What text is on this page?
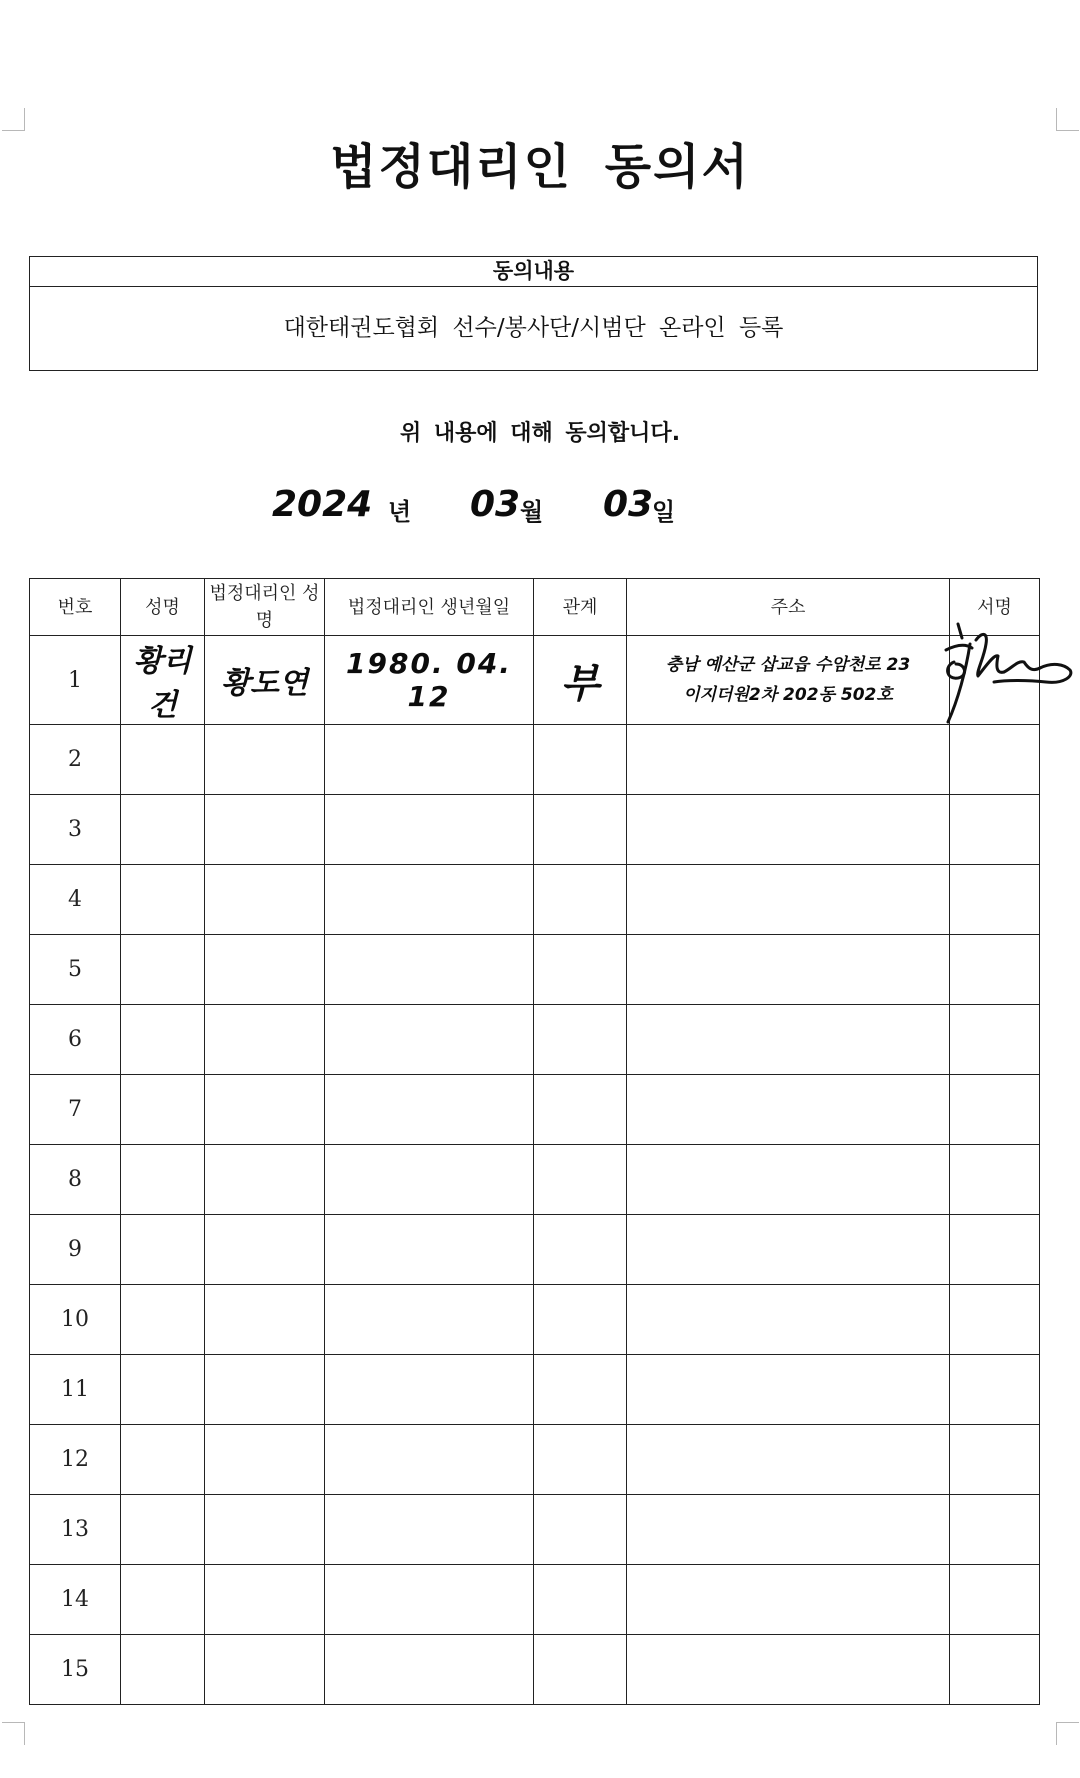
법정대리인 동의서
동의내용
대한태권도협회 선수/봉사단/시범단 온라인 등록
위 내용에 대해 동의합니다.
2024 년 03 월 03
일
번호	성명	법정대리인 성명	법정대리인 생년월일	관계	주소	서명
1	황리건	황도연	1980. 04. 12	부	충남 예산군 삽교읍 수암천로 23
이지더원2차 202동 502호

2						
3						
4						
5						
6						
7						
8						
9						
10						
11						
12						
13						
14						
15						
